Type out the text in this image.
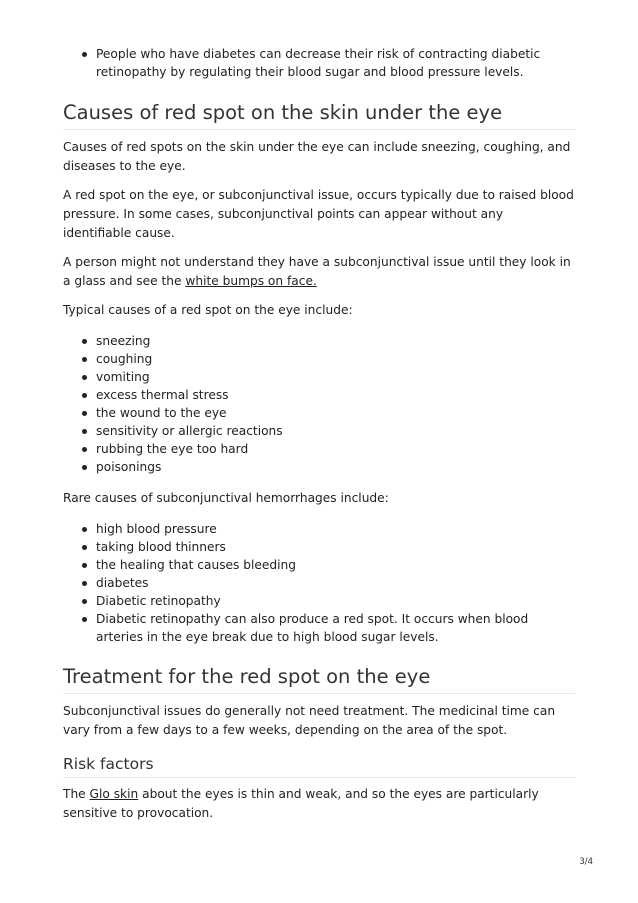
People who have diabetes can decrease their risk of contracting diabetic retinopathy by regulating their blood sugar and blood pressure levels.
Causes of red spot on the skin under the eye

Causes of red spots on the skin under the eye can include sneezing, coughing, and diseases to the eye.

A red spot on the eye, or subconjunctival issue, occurs typically due to raised blood pressure. In some cases, subconjunctival points can appear without any identifiable cause.

A person might not understand they have a subconjunctival issue until they look in a glass and see the white bumps on face.

Typical causes of a red spot on the eye include:

sneezing
coughing
vomiting
excess thermal stress
the wound to the eye
sensitivity or allergic reactions
rubbing the eye too hard
poisonings

Rare causes of subconjunctival hemorrhages include:

high blood pressure
taking blood thinners
the healing that causes bleeding
diabetes
Diabetic retinopathy
Diabetic retinopathy can also produce a red spot. It occurs when blood arteries in the eye break due to high blood sugar levels.
Treatment for the red spot on the eye

Subconjunctival issues do generally not need treatment. The medicinal time can vary from a few days to a few weeks, depending on the area of the spot.

Risk factors

The Glo skin about the eyes is thin and weak, and so the eyes are particularly sensitive to provocation.

3/4
